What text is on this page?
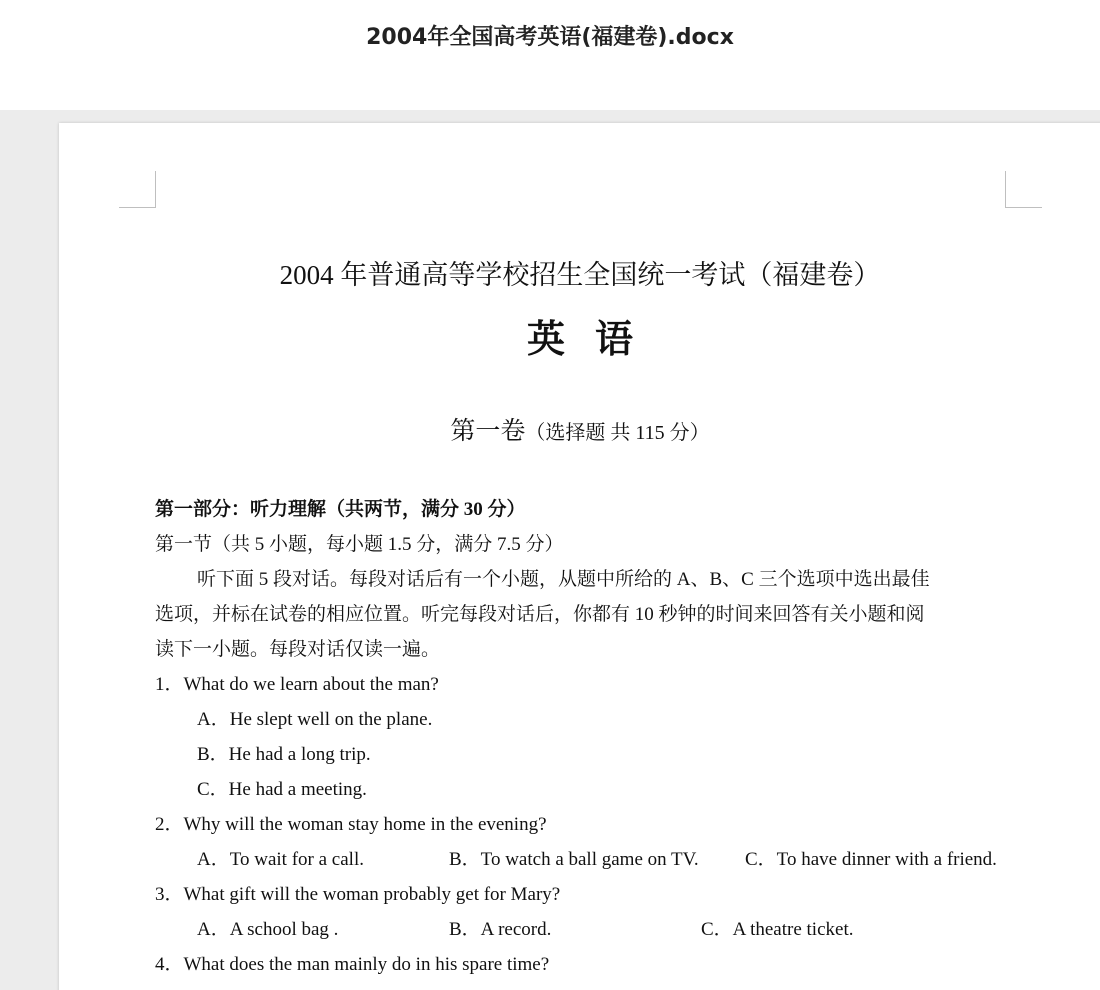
2004年全国高考英语(福建卷).docx
2004 年普通高等学校招生全国统一考试（福建卷）
英语
第一卷（选择题 共 115 分）
第一部分：听力理解（共两节，满分 30 分）
第一节（共 5 小题，每小题 1.5 分，满分 7.5 分）
听下面 5 段对话。每段对话后有一个小题，从题中所给的 A、B、C 三个选项中选出最佳
选项，并标在试卷的相应位置。听完每段对话后，你都有 10 秒钟的时间来回答有关小题和阅
读下一小题。每段对话仅读一遍。
1．What do we learn about the man?
A．He slept well on the plane.
B．He had a long trip.
C．He had a meeting.
2．Why will the woman stay home in the evening?
A．To wait for a call.	B．To watch a ball game on TV. C．To have dinner with a friend.
3．What gift will the woman probably get for Mary?
A．A school bag .	B．A record.	C．A theatre ticket.
4．What does the man mainly do in his spare time?
